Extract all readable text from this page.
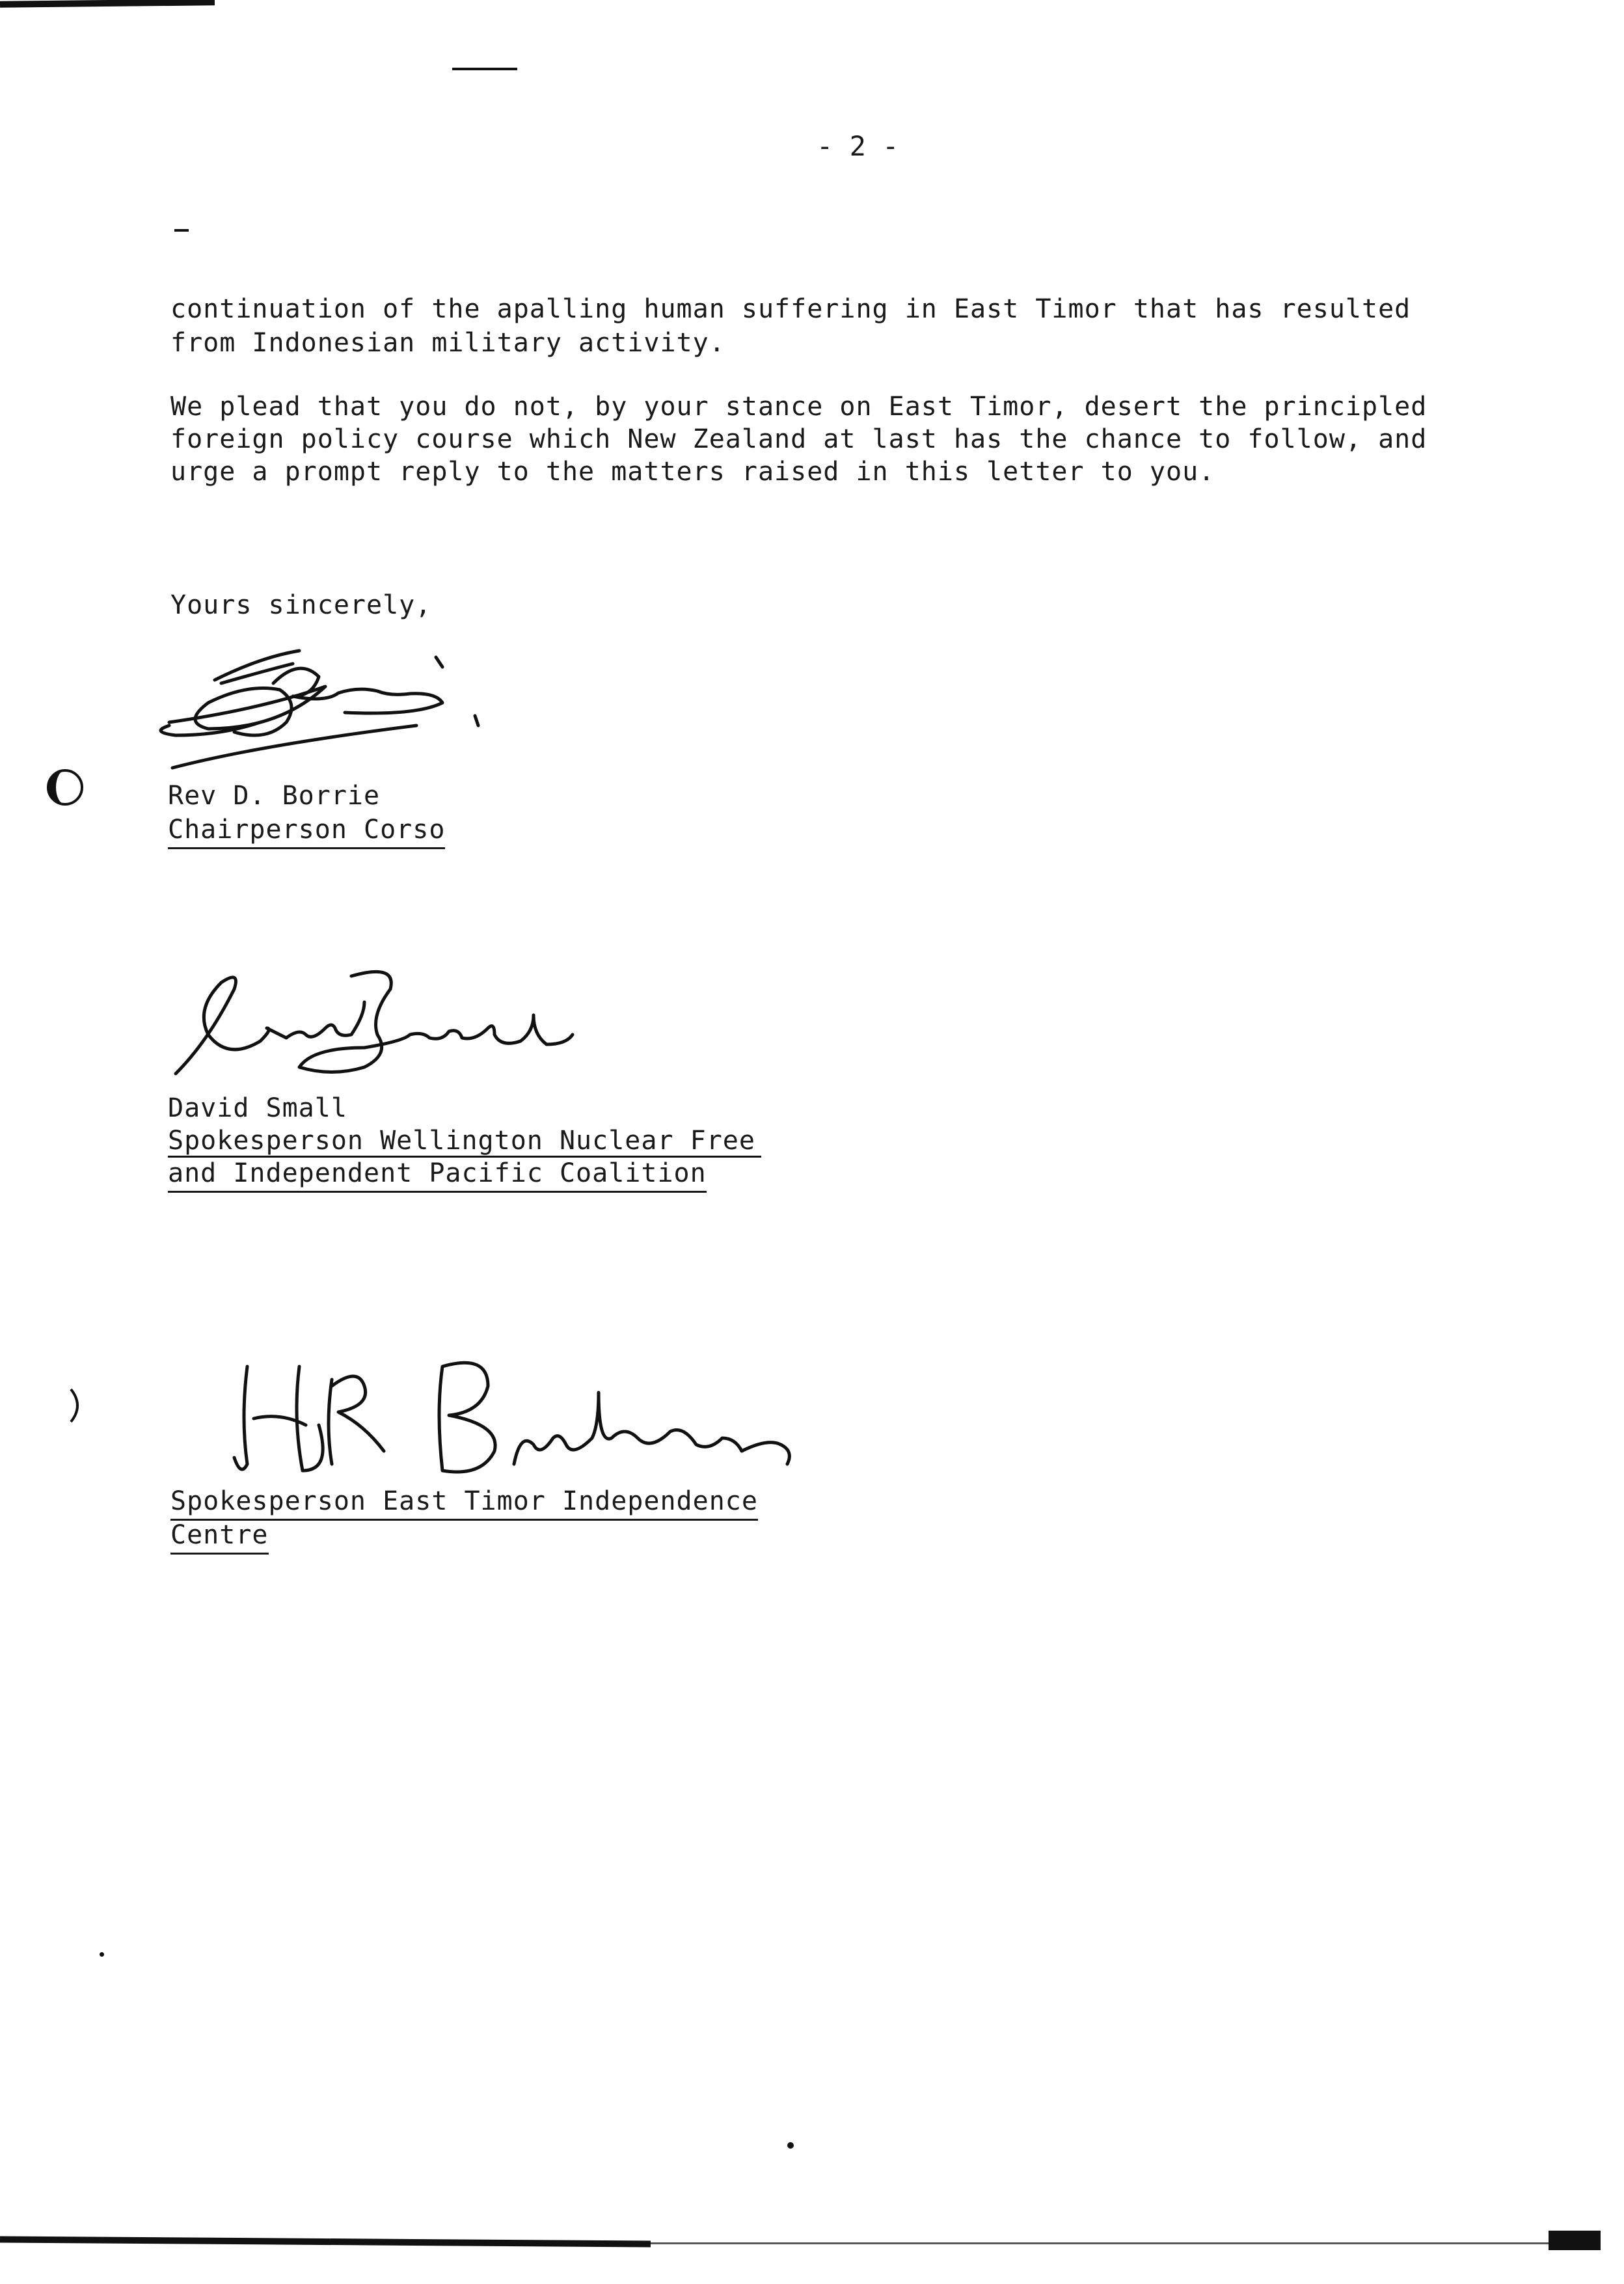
- 2 -
continuation of the apalling human suffering in East Timor that has resulted
from Indonesian military activity.
We plead that you do not, by your stance on East Timor, desert the principled
foreign policy course which New Zealand at last has the chance to follow, and
urge a prompt reply to the matters raised in this letter to you.
Yours sincerely,
Rev D. Borrie
Chairperson Corso
David Small
Spokesperson Wellington Nuclear Free
and Independent Pacific Coalition
Spokesperson East Timor Independence
Centre
